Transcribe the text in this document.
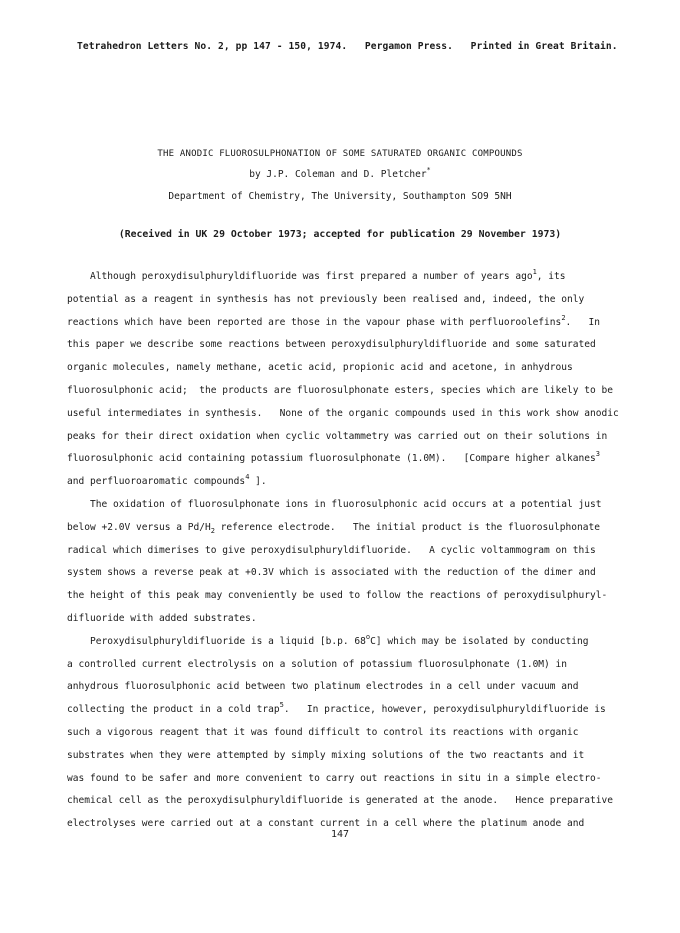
Tetrahedron Letters No. 2, pp 147 - 150, 1974.   Pergamon Press.   Printed in Great Britain.
THE ANODIC FLUOROSULPHONATION OF SOME SATURATED ORGANIC COMPOUNDS
by J.P. Coleman and D. Pletcher*
Department of Chemistry, The University, Southampton SO9 5NH
(Received in UK 29 October 1973; accepted for publication 29 November 1973)
Although peroxydisulphuryldifluoride was first prepared a number of years ago$^1$, its
potential as a reagent in synthesis has not previously been realised and, indeed, the only
reactions which have been reported are those in the vapour phase with perfluoroolefins$^2$.   In
this paper we describe some reactions between peroxydisulphuryldifluoride and some saturated
organic molecules, namely methane, acetic acid, propionic acid and acetone, in anhydrous
fluorosulphonic acid;  the products are fluorosulphonate esters, species which are likely to be
useful intermediates in synthesis.   None of the organic compounds used in this work show anodic
peaks for their direct oxidation when cyclic voltammetry was carried out on their solutions in
fluorosulphonic acid containing potassium fluorosulphonate (1.0M).   [Compare higher alkanes$^3$
and perfluoroaromatic compounds$^4$ ].
The oxidation of fluorosulphonate ions in fluorosulphonic acid occurs at a potential just
below +2.0V versus a $Pd/H_2$ reference electrode.   The initial product is the fluorosulphonate
radical which dimerises to give peroxydisulphuryldifluoride.   A cyclic voltammogram on this
system shows a reverse peak at +0.3V which is associated with the reduction of the dimer and
the height of this peak may conveniently be used to follow the reactions of peroxydisulphuryl-
difluoride with added substrates.
Peroxydisulphuryldifluoride is a liquid [b.p. 68$^o$C] which may be isolated by conducting
a controlled current electrolysis on a solution of potassium fluorosulphonate (1.0M) in
anhydrous fluorosulphonic acid between two platinum electrodes in a cell under vacuum and
collecting the product in a cold trap$^5$.   In practice, however, peroxydisulphuryldifluoride is
such a vigorous reagent that it was found difficult to control its reactions with organic
substrates when they were attempted by simply mixing solutions of the two reactants and it
was found to be safer and more convenient to carry out reactions in situ in a simple electro-
chemical cell as the peroxydisulphuryldifluoride is generated at the anode.   Hence preparative
electrolyses were carried out at a constant current in a cell where the platinum anode and
147
